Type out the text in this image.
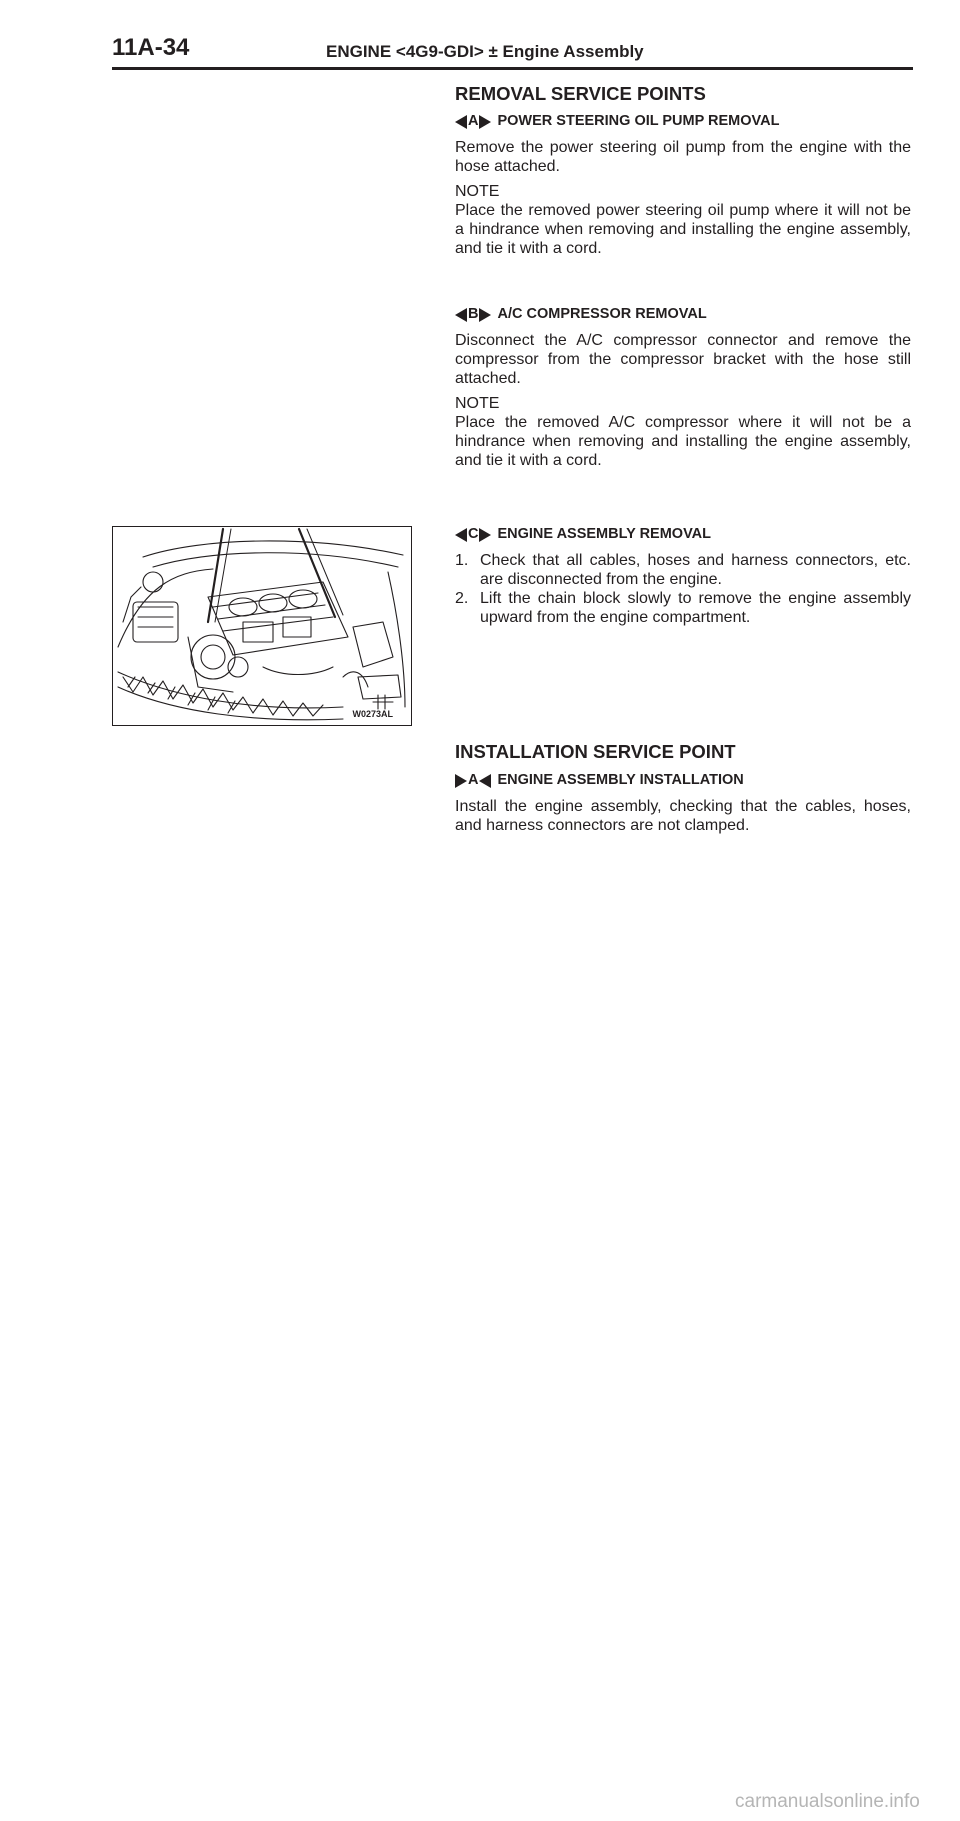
11A-34	ENGINE <4G9-GDI> ± Engine Assembly
REMOVAL SERVICE POINTS
A POWER STEERING OIL PUMP REMOVAL

Remove the power steering oil pump from the engine with the hose attached.

NOTE

Place the removed power steering oil pump where it will not be a hindrance when removing and installing the engine assembly, and tie it with a cord.

B A/C COMPRESSOR REMOVAL

Disconnect the A/C compressor connector and remove the compressor from the compressor bracket with the hose still attached.

NOTE

Place the removed A/C compressor where it will not be a hindrance when removing and installing the engine assembly, and tie it with a cord.

C ENGINE ASSEMBLY REMOVAL
1. Check that all cables, hoses and harness connectors, etc. are disconnected from the engine.
2. Lift the chain block slowly to remove the engine assembly upward from the engine compartment.
W0273AL
INSTALLATION SERVICE POINT
A ENGINE ASSEMBLY INSTALLATION

Install the engine assembly, checking that the cables, hoses, and harness connectors are not clamped.

carmanualsonline.info
